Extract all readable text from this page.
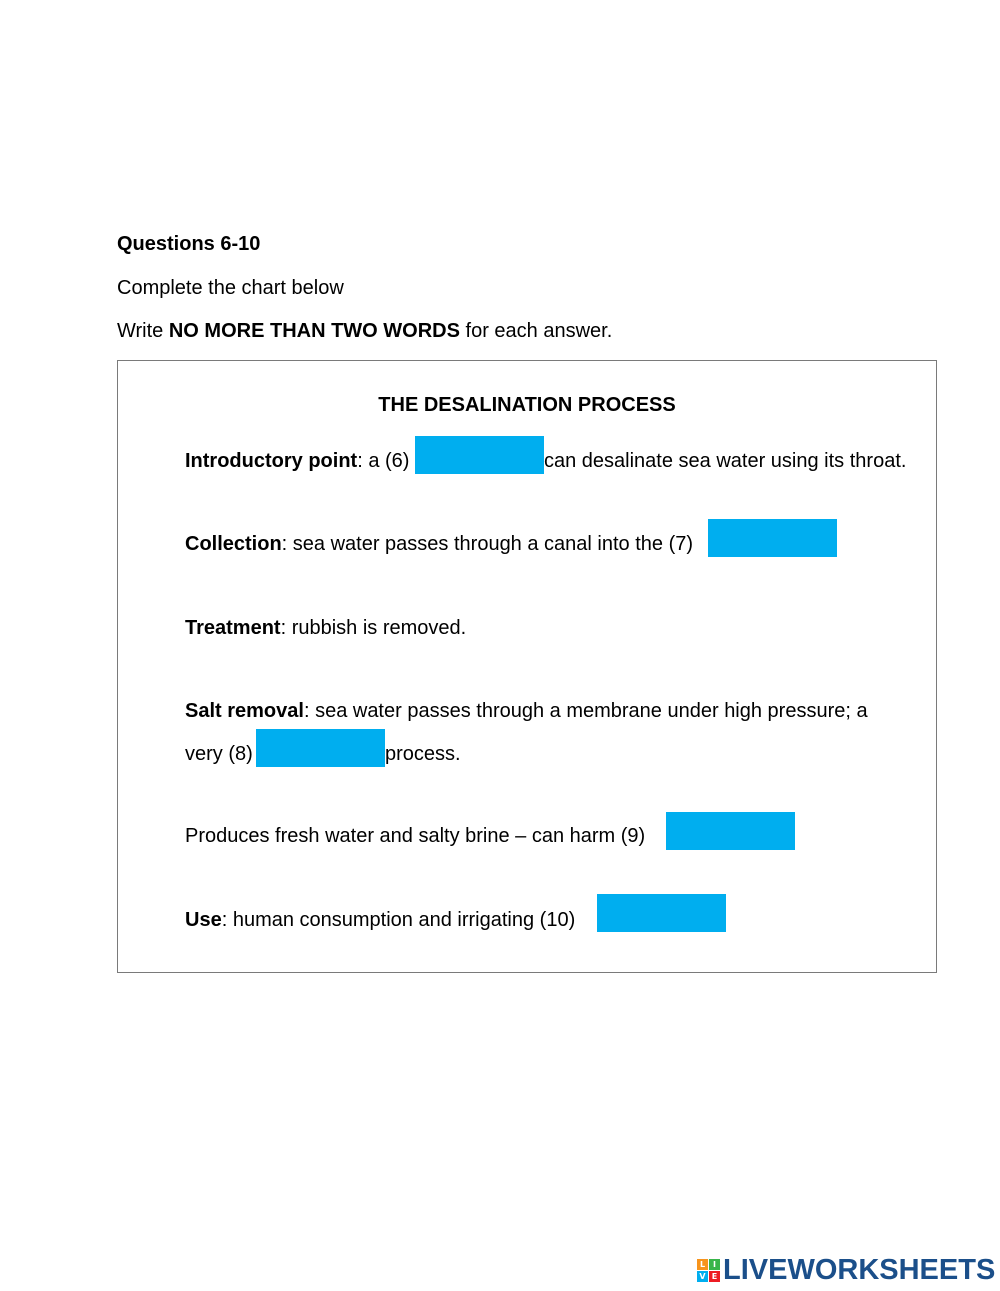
Questions 6-10
Complete the chart below
Write NO MORE THAN TWO WORDS for each answer.
THE DESALINATION PROCESS
Introductory point: a (6)	can desalinate sea water using its throat.
Collection: sea water passes through a canal into the (7)
Treatment: rubbish is removed.
Salt removal: sea water passes through a membrane under high pressure; a
very (8)	process.
Produces fresh water and salty brine – can harm (9)
Use: human consumption and irrigating (10)
L I
V E LIVEWORKSHEETS
